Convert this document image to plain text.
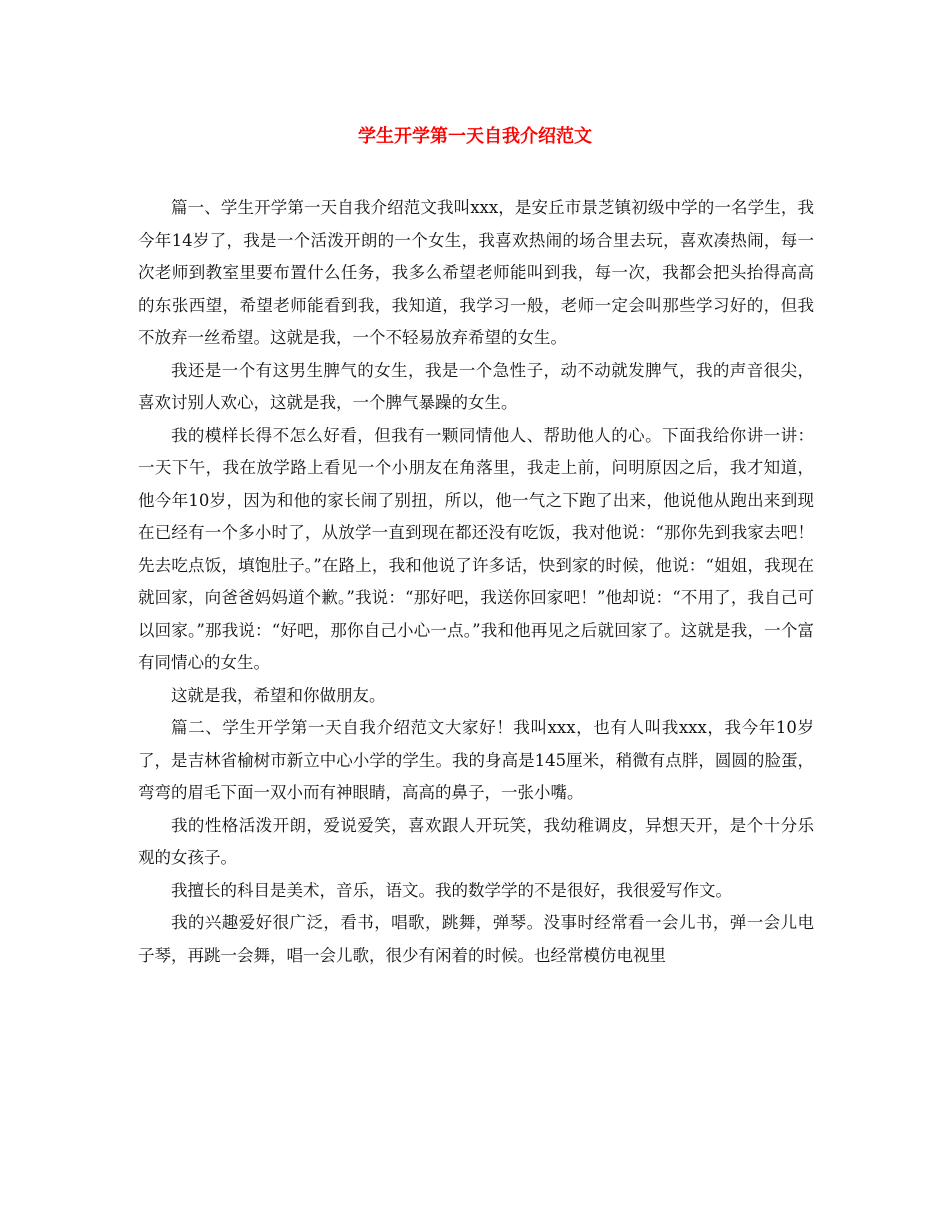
学生开学第一天自我介绍范文

篇一、学生开学第一天自我介绍范文我叫xxx，是安丘市景芝镇初级中学的一名学生，我今年14岁了，我是一个活泼开朗的一个女生，我喜欢热闹的场合里去玩，喜欢凑热闹，每一次老师到教室里要布置什么任务，我多么希望老师能叫到我，每一次，我都会把头抬得高高的东张西望，希望老师能看到我，我知道，我学习一般，老师一定会叫那些学习好的，但我不放弃一丝希望。这就是我，一个不轻易放弃希望的女生。

我还是一个有这男生脾气的女生，我是一个急性子，动不动就发脾气，我的声音很尖，喜欢讨别人欢心，这就是我，一个脾气暴躁的女生。

我的模样长得不怎么好看，但我有一颗同情他人、帮助他人的心。下面我给你讲一讲：一天下午，我在放学路上看见一个小朋友在角落里，我走上前，问明原因之后，我才知道，他今年10岁，因为和他的家长闹了别扭，所以，他一气之下跑了出来，他说他从跑出来到现在已经有一个多小时了，从放学一直到现在都还没有吃饭，我对他说：“那你先到我家去吧！先去吃点饭，填饱肚子。”在路上，我和他说了许多话，快到家的时候，他说：“姐姐，我现在就回家，向爸爸妈妈道个歉。”我说：“那好吧，我送你回家吧！”他却说：“不用了，我自己可以回家。”那我说：“好吧，那你自己小心一点。”我和他再见之后就回家了。这就是我，一个富有同情心的女生。

这就是我，希望和你做朋友。

篇二、学生开学第一天自我介绍范文大家好！我叫xxx，也有人叫我xxx，我今年10岁了，是吉林省榆树市新立中心小学的学生。我的身高是145厘米，稍微有点胖，圆圆的脸蛋，弯弯的眉毛下面一双小而有神眼睛，高高的鼻子，一张小嘴。

我的性格活泼开朗，爱说爱笑，喜欢跟人开玩笑，我幼稚调皮，异想天开，是个十分乐观的女孩子。

我擅长的科目是美术，音乐，语文。我的数学学的不是很好，我很爱写作文。

我的兴趣爱好很广泛，看书，唱歌，跳舞，弹琴。没事时经常看一会儿书，弹一会儿电子琴，再跳一会舞，唱一会儿歌，很少有闲着的时候。也经常模仿电视里
